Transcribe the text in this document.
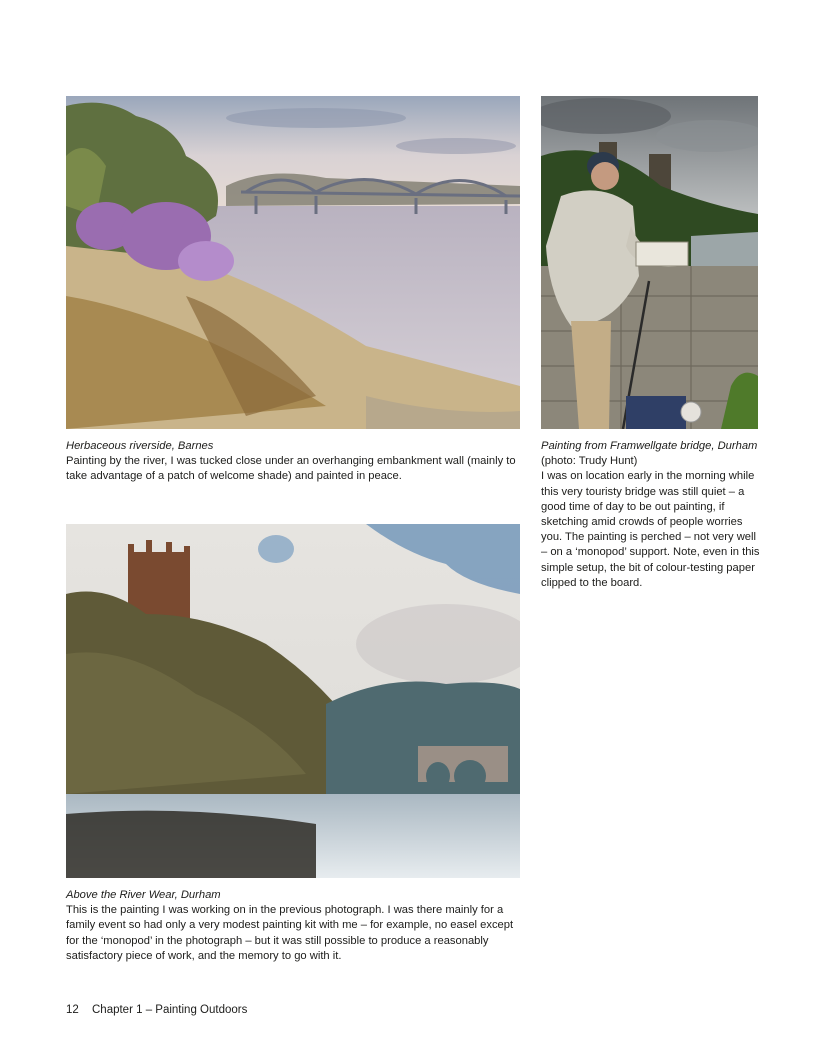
Herbaceous riverside, Barnes

Painting by the river, I was tucked close under an overhanging embankment wall (mainly to take advantage of a patch of welcome shade) and painted in peace.

Painting from Framwellgate bridge, Durham
(photo: Trudy Hunt)

I was on location early in the morning while this very touristy bridge was still quiet – a good time of day to be out painting, if sketching amid crowds of people worries you. The painting is perched – not very well – on a ‘monopod’ support. Note, even in this simple setup, the bit of colour-testing paper clipped to the board.

Above the River Wear, Durham

This is the painting I was working on in the previous photograph. I was there mainly for a family event so had only a very modest painting kit with me – for example, no easel except for the ‘monopod’ in the photograph – but it was still possible to produce a reasonably satisfactory piece of work, and the memory to go with it.

12 Chapter 1 – Painting Outdoors
